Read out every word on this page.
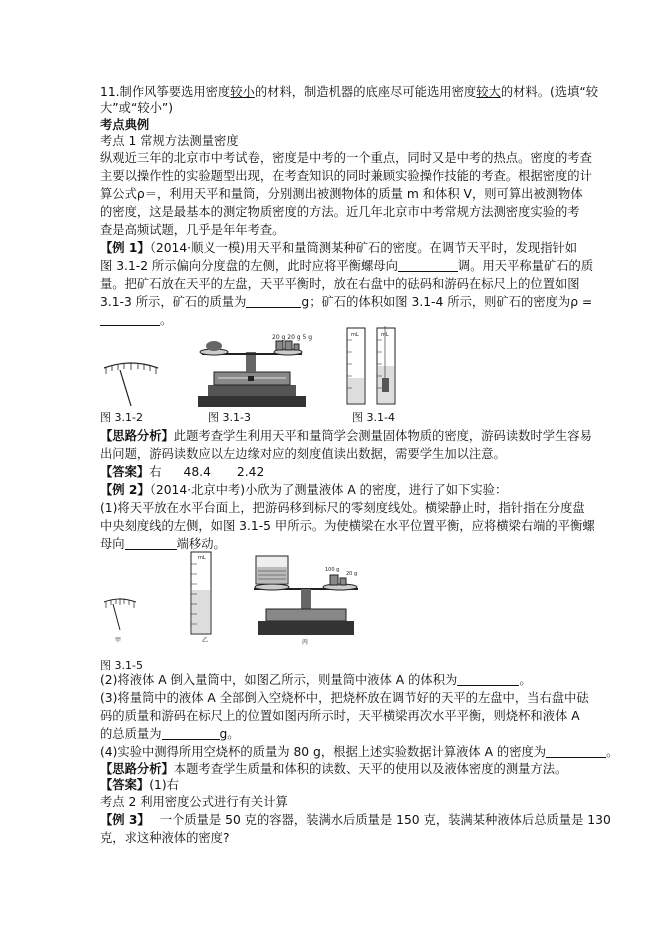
11.制作风筝要选用密度较小的材料，制造机器的底座尽可能选用密度较大的材料。(选填“较
大”或“较小”)
考点典例
考点 1 常规方法测量密度
纵观近三年的北京市中考试卷，密度是中考的一个重点，同时又是中考的热点。密度的考查
主要以操作性的实验题型出现，在考查知识的同时兼顾实验操作技能的考查。根据密度的计
算公式ρ＝，利用天平和量筒，分别测出被测物体的质量 m 和体积 V，则可算出被测物体
的密度，这是最基本的测定物质密度的方法。近几年北京市中考常规方法测密度实验的考
查是高频试题，几乎是年年考查。
【例 1】（2014·顺义一模)用天平和量筒测某种矿石的密度。在调节天平时，发现指针如
图 3.1-2 所示偏向分度盘的左侧，此时应将平衡螺母向	调。用天平称量矿石的质
量。把矿石放在天平的左盘，天平平衡时，放在右盘中的砝码和游码在标尺上的位置如图
3.1-3 所示，矿石的质量为	g；矿石的体积如图 3.1-4 所示，则矿石的密度为ρ =
。
图 3.1-2
20 g 20 g 5 g
图 3.1-3
mL	mL
图 3.1-4
【思路分析】此题考查学生利用天平和量筒学会测量固体物质的密度，游码读数时学生容易
出问题，游码读数应以左边缘对应的刻度值读出数据，需要学生加以注意。
【答案】右 48.4 2.42
【例 2】（2014·北京中考)小欣为了测量液体 A 的密度，进行了如下实验：
(1)将天平放在水平台面上，把游码移到标尺的零刻度线处。横梁静止时，指针指在分度盘
中央刻度线的左侧，如图 3.1-5 甲所示。为使横梁在水平位置平衡，应将横梁右端的平衡螺
母向	端移动。
甲
mL
乙
100 g
20 g
丙
图 3.1-5
(2)将液体 A 倒入量筒中，如图乙所示，则量筒中液体 A 的体积为	。
(3)将量筒中的液体 A 全部倒入空烧杯中，把烧杯放在调节好的天平的左盘中，当右盘中砝
码的质量和游码在标尺上的位置如图丙所示时，天平横梁再次水平平衡，则烧杯和液体 A
的总质量为	g。
(4)实验中测得所用空烧杯的质量为 80 g，根据上述实验数据计算液体 A 的密度为	。
【思路分析】本题考查学生质量和体积的读数、天平的使用以及液体密度的测量方法。
【答案】(1)右
考点 2 利用密度公式进行有关计算
【例 3】 一个质量是 50 克的容器，装满水后质量是 150 克，装满某种液体后总质量是 130
克，求这种液体的密度?
